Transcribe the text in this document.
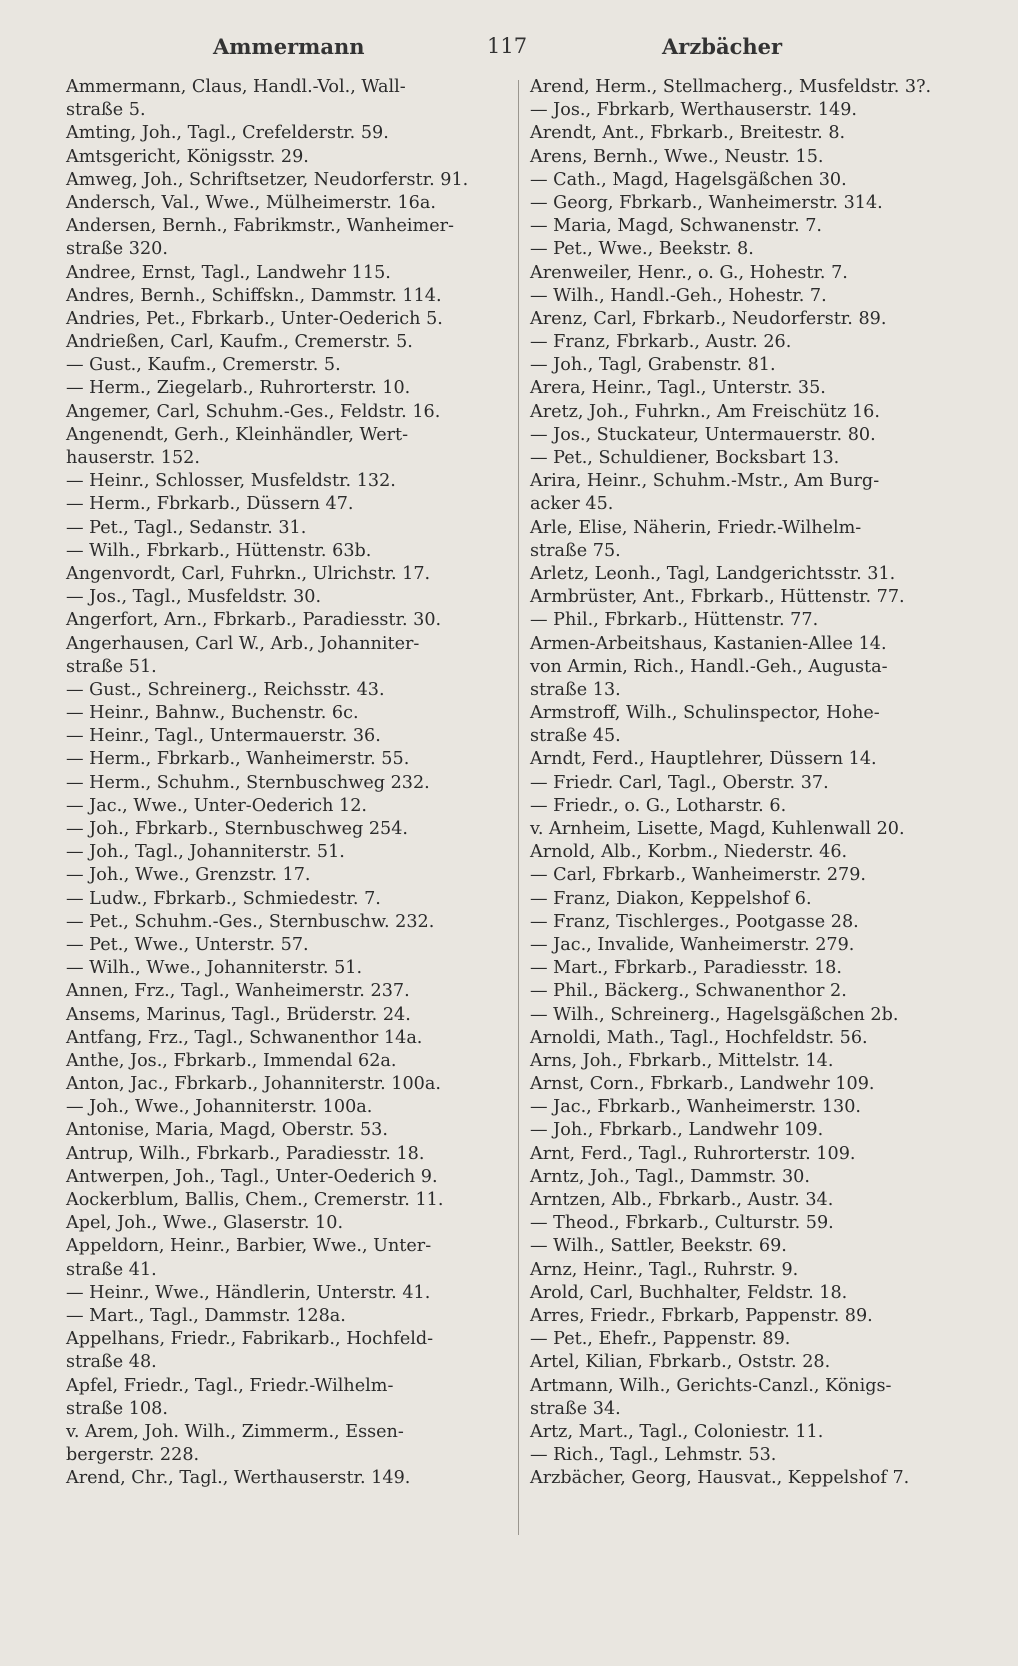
Ammermann	117	Arzbächer
Ammermann, Claus, Handl.-Vol., Wall-
straße 5.
Amting, Joh., Tagl., Crefelderstr. 59.
Amtsgericht, Königsstr. 29.
Amweg, Joh., Schriftsetzer, Neudorferstr. 91.
Andersch, Val., Wwe., Mülheimerstr. 16a.
Andersen, Bernh., Fabrikmstr., Wanheimer-
straße 320.
Andree, Ernst, Tagl., Landwehr 115.
Andres, Bernh., Schiffskn., Dammstr. 114.
Andries, Pet., Fbrkarb., Unter-Oederich 5.
Andrießen, Carl, Kaufm., Cremerstr. 5.
— Gust., Kaufm., Cremerstr. 5.
— Herm., Ziegelarb., Ruhrorterstr. 10.
Angemer, Carl, Schuhm.-Ges., Feldstr. 16.
Angenendt, Gerh., Kleinhändler, Wert-
hauserstr. 152.
— Heinr., Schlosser, Musfeldstr. 132.
— Herm., Fbrkarb., Düssern 47.
— Pet., Tagl., Sedanstr. 31.
— Wilh., Fbrkarb., Hüttenstr. 63b.
Angenvordt, Carl, Fuhrkn., Ulrichstr. 17.
— Jos., Tagl., Musfeldstr. 30.
Angerfort, Arn., Fbrkarb., Paradiesstr. 30.
Angerhausen, Carl W., Arb., Johanniter-
straße 51.
— Gust., Schreinerg., Reichsstr. 43.
— Heinr., Bahnw., Buchenstr. 6c.
— Heinr., Tagl., Untermauerstr. 36.
— Herm., Fbrkarb., Wanheimerstr. 55.
— Herm., Schuhm., Sternbuschweg 232.
— Jac., Wwe., Unter-Oederich 12.
— Joh., Fbrkarb., Sternbuschweg 254.
— Joh., Tagl., Johanniterstr. 51.
— Joh., Wwe., Grenzstr. 17.
— Ludw., Fbrkarb., Schmiedestr. 7.
— Pet., Schuhm.-Ges., Sternbuschw. 232.
— Pet., Wwe., Unterstr. 57.
— Wilh., Wwe., Johanniterstr. 51.
Annen, Frz., Tagl., Wanheimerstr. 237.
Ansems, Marinus, Tagl., Brüderstr. 24.
Antfang, Frz., Tagl., Schwanenthor 14a.
Anthe, Jos., Fbrkarb., Immendal 62a.
Anton, Jac., Fbrkarb., Johanniterstr. 100a.
— Joh., Wwe., Johanniterstr. 100a.
Antonise, Maria, Magd, Oberstr. 53.
Antrup, Wilh., Fbrkarb., Paradiesstr. 18.
Antwerpen, Joh., Tagl., Unter-Oederich 9.
Aockerblum, Ballis, Chem., Cremerstr. 11.
Apel, Joh., Wwe., Glaserstr. 10.
Appeldorn, Heinr., Barbier, Wwe., Unter-
straße 41.
— Heinr., Wwe., Händlerin, Unterstr. 41.
— Mart., Tagl., Dammstr. 128a.
Appelhans, Friedr., Fabrikarb., Hochfeld-
straße 48.
Apfel, Friedr., Tagl., Friedr.-Wilhelm-
straße 108.
v. Arem, Joh. Wilh., Zimmerm., Essen-
bergerstr. 228.
Arend, Chr., Tagl., Werthauserstr. 149.
Arend, Herm., Stellmacherg., Musfeldstr. 3?.
— Jos., Fbrkarb, Werthauserstr. 149.
Arendt, Ant., Fbrkarb., Breitestr. 8.
Arens, Bernh., Wwe., Neustr. 15.
— Cath., Magd, Hagelsgäßchen 30.
— Georg, Fbrkarb., Wanheimerstr. 314.
— Maria, Magd, Schwanenstr. 7.
— Pet., Wwe., Beekstr. 8.
Arenweiler, Henr., o. G., Hohestr. 7.
— Wilh., Handl.-Geh., Hohestr. 7.
Arenz, Carl, Fbrkarb., Neudorferstr. 89.
— Franz, Fbrkarb., Austr. 26.
— Joh., Tagl, Grabenstr. 81.
Arera, Heinr., Tagl., Unterstr. 35.
Aretz, Joh., Fuhrkn., Am Freischütz 16.
— Jos., Stuckateur, Untermauerstr. 80.
— Pet., Schuldiener, Bocksbart 13.
Arira, Heinr., Schuhm.-Mstr., Am Burg-
acker 45.
Arle, Elise, Näherin, Friedr.-Wilhelm-
straße 75.
Arletz, Leonh., Tagl, Landgerichtsstr. 31.
Armbrüster, Ant., Fbrkarb., Hüttenstr. 77.
— Phil., Fbrkarb., Hüttenstr. 77.
Armen-Arbeitshaus, Kastanien-Allee 14.
von Armin, Rich., Handl.-Geh., Augusta-
straße 13.
Armstroff, Wilh., Schulinspector, Hohe-
straße 45.
Arndt, Ferd., Hauptlehrer, Düssern 14.
— Friedr. Carl, Tagl., Oberstr. 37.
— Friedr., o. G., Lotharstr. 6.
v. Arnheim, Lisette, Magd, Kuhlenwall 20.
Arnold, Alb., Korbm., Niederstr. 46.
— Carl, Fbrkarb., Wanheimerstr. 279.
— Franz, Diakon, Keppelshof 6.
— Franz, Tischlerges., Pootgasse 28.
— Jac., Invalide, Wanheimerstr. 279.
— Mart., Fbrkarb., Paradiesstr. 18.
— Phil., Bäckerg., Schwanenthor 2.
— Wilh., Schreinerg., Hagelsgäßchen 2b.
Arnoldi, Math., Tagl., Hochfeldstr. 56.
Arns, Joh., Fbrkarb., Mittelstr. 14.
Arnst, Corn., Fbrkarb., Landwehr 109.
— Jac., Fbrkarb., Wanheimerstr. 130.
— Joh., Fbrkarb., Landwehr 109.
Arnt, Ferd., Tagl., Ruhrorterstr. 109.
Arntz, Joh., Tagl., Dammstr. 30.
Arntzen, Alb., Fbrkarb., Austr. 34.
— Theod., Fbrkarb., Culturstr. 59.
— Wilh., Sattler, Beekstr. 69.
Arnz, Heinr., Tagl., Ruhrstr. 9.
Arold, Carl, Buchhalter, Feldstr. 18.
Arres, Friedr., Fbrkarb, Pappenstr. 89.
— Pet., Ehefr., Pappenstr. 89.
Artel, Kilian, Fbrkarb., Oststr. 28.
Artmann, Wilh., Gerichts-Canzl., Königs-
straße 34.
Artz, Mart., Tagl., Coloniestr. 11.
— Rich., Tagl., Lehmstr. 53.
Arzbächer, Georg, Hausvat., Keppelshof 7.
